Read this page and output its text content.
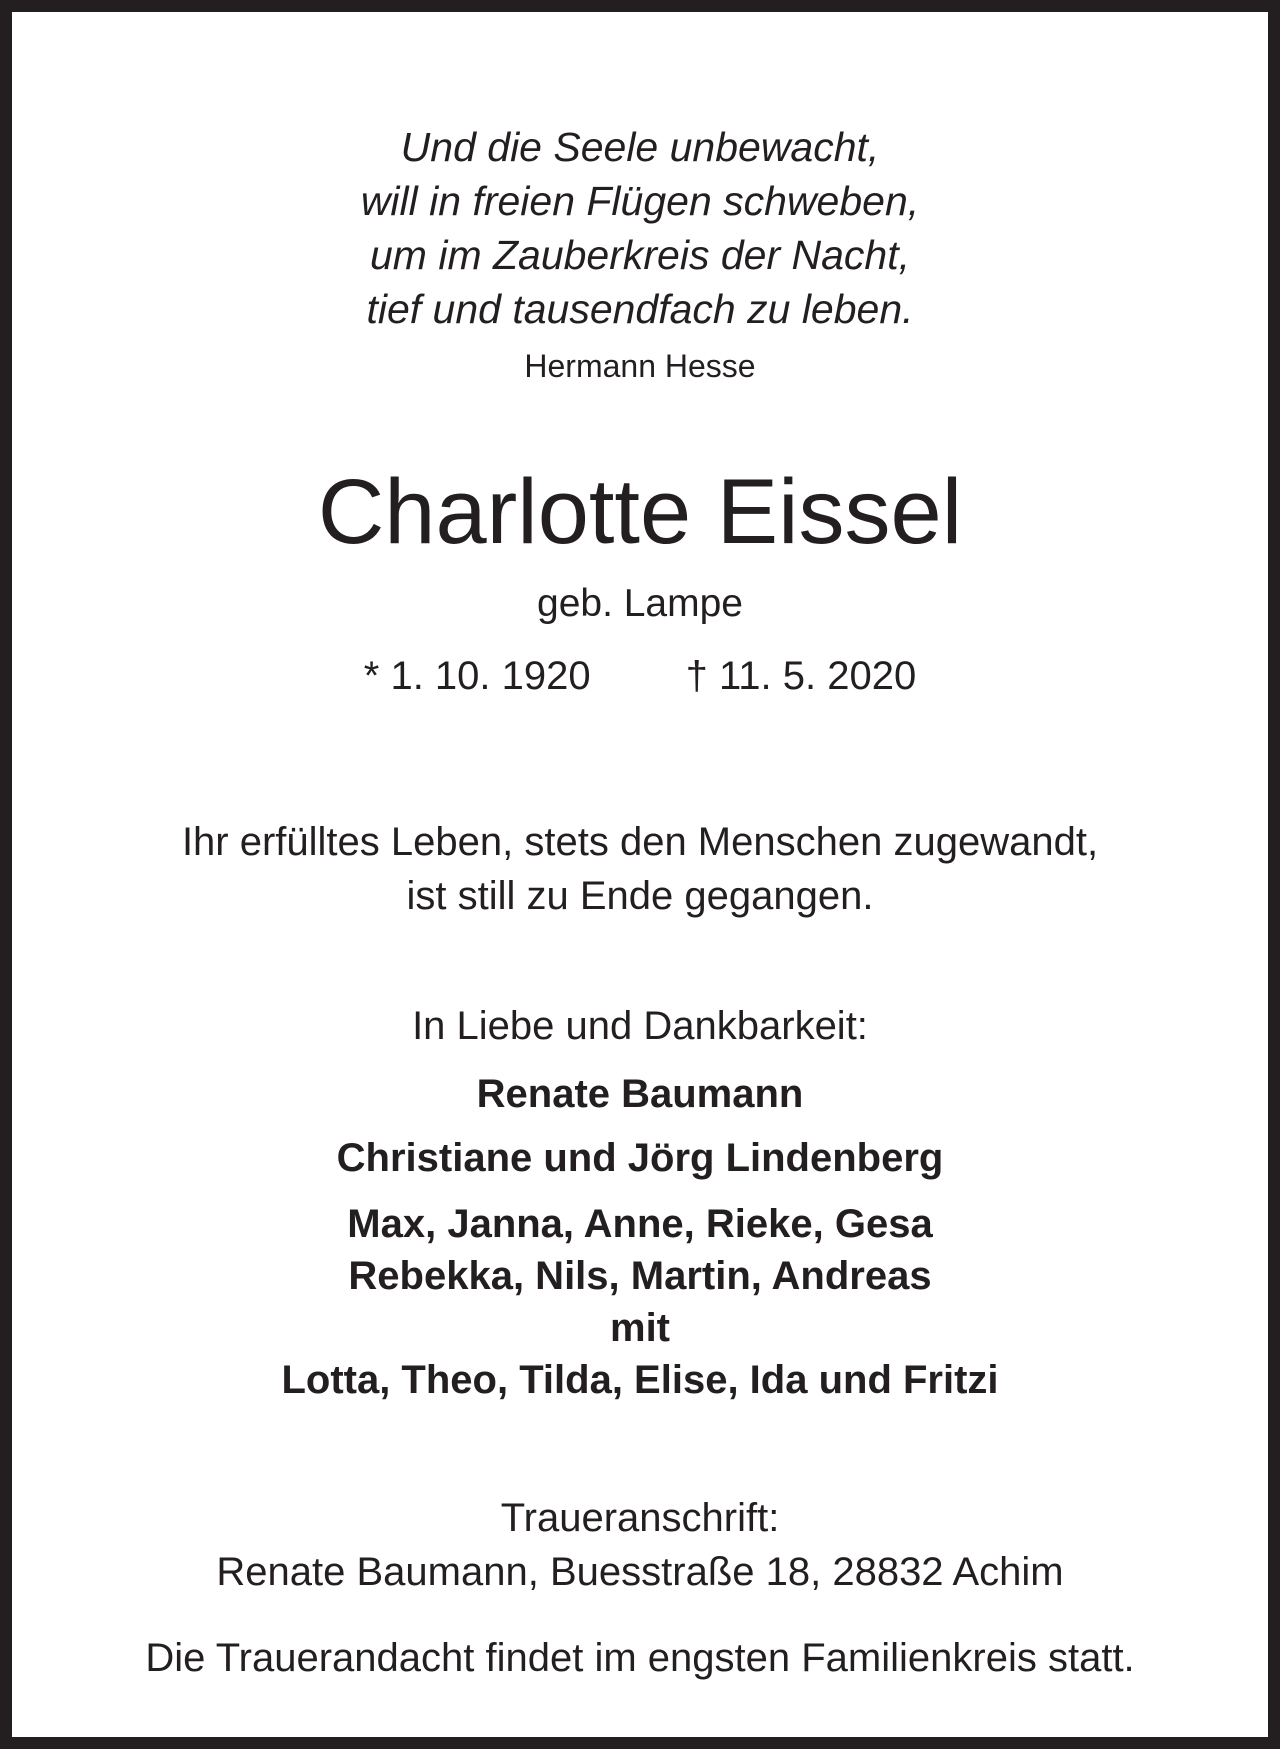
Und die Seele unbewacht,

will in freien Flügen schweben,

um im Zauberkreis der Nacht,

tief und tausendfach zu leben.

Hermann Hesse

Charlotte Eissel

geb. Lampe

* 1. 10. 1920 † 11. 5. 2020

Ihr erfülltes Leben, stets den Menschen zugewandt,

ist still zu Ende gegangen.

In Liebe und Dankbarkeit:

Renate Baumann

Christiane und Jörg Lindenberg

Max, Janna, Anne, Rieke, Gesa

Rebekka, Nils, Martin, Andreas

mit

Lotta, Theo, Tilda, Elise, Ida und Fritzi

Traueranschrift:

Renate Baumann, Buesstraße 18, 28832 Achim

Die Trauerandacht findet im engsten Familienkreis statt.
